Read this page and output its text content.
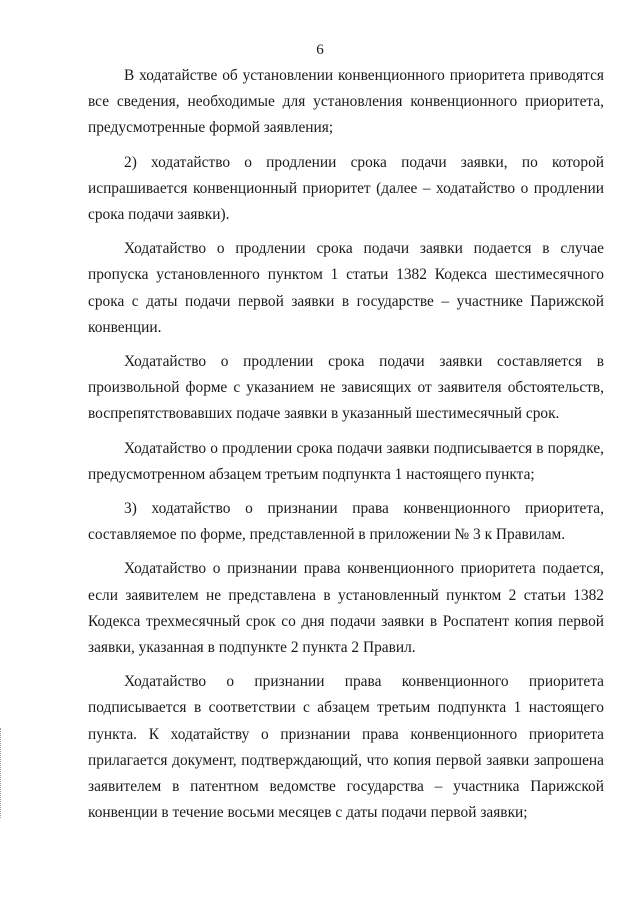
6

В ходатайстве об установлении конвенционного приоритета приводятся все сведения, необходимые для установления конвенционного приоритета, предусмотренные формой заявления;

2) ходатайство о продлении срока подачи заявки, по которой испрашивается конвенционный приоритет (далее – ходатайство о продлении срока подачи заявки).

Ходатайство о продлении срока подачи заявки подается в случае пропуска установленного пунктом 1 статьи 1382 Кодекса шестимесячного срока с даты подачи первой заявки в государстве – участнике Парижской конвенции.

Ходатайство о продлении срока подачи заявки составляется в произвольной форме с указанием не зависящих от заявителя обстоятельств, воспрепятствовавших подаче заявки в указанный шестимесячный срок.

Ходатайство о продлении срока подачи заявки подписывается в порядке, предусмотренном абзацем третьим подпункта 1 настоящего пункта;

3) ходатайство о признании права конвенционного приоритета, составляемое по форме, представленной в приложении № 3 к Правилам.

Ходатайство о признании права конвенционного приоритета подается, если заявителем не представлена в установленный пунктом 2 статьи 1382 Кодекса трехмесячный срок со дня подачи заявки в Роспатент копия первой заявки, указанная в подпункте 2 пункта 2 Правил.

Ходатайство о признании права конвенционного приоритета подписывается в соответствии с абзацем третьим подпункта 1 настоящего пункта. К ходатайству о признании права конвенционного приоритета прилагается документ, подтверждающий, что копия первой заявки запрошена заявителем в патентном ведомстве государства – участника Парижской конвенции в течение восьми месяцев с даты подачи первой заявки;
